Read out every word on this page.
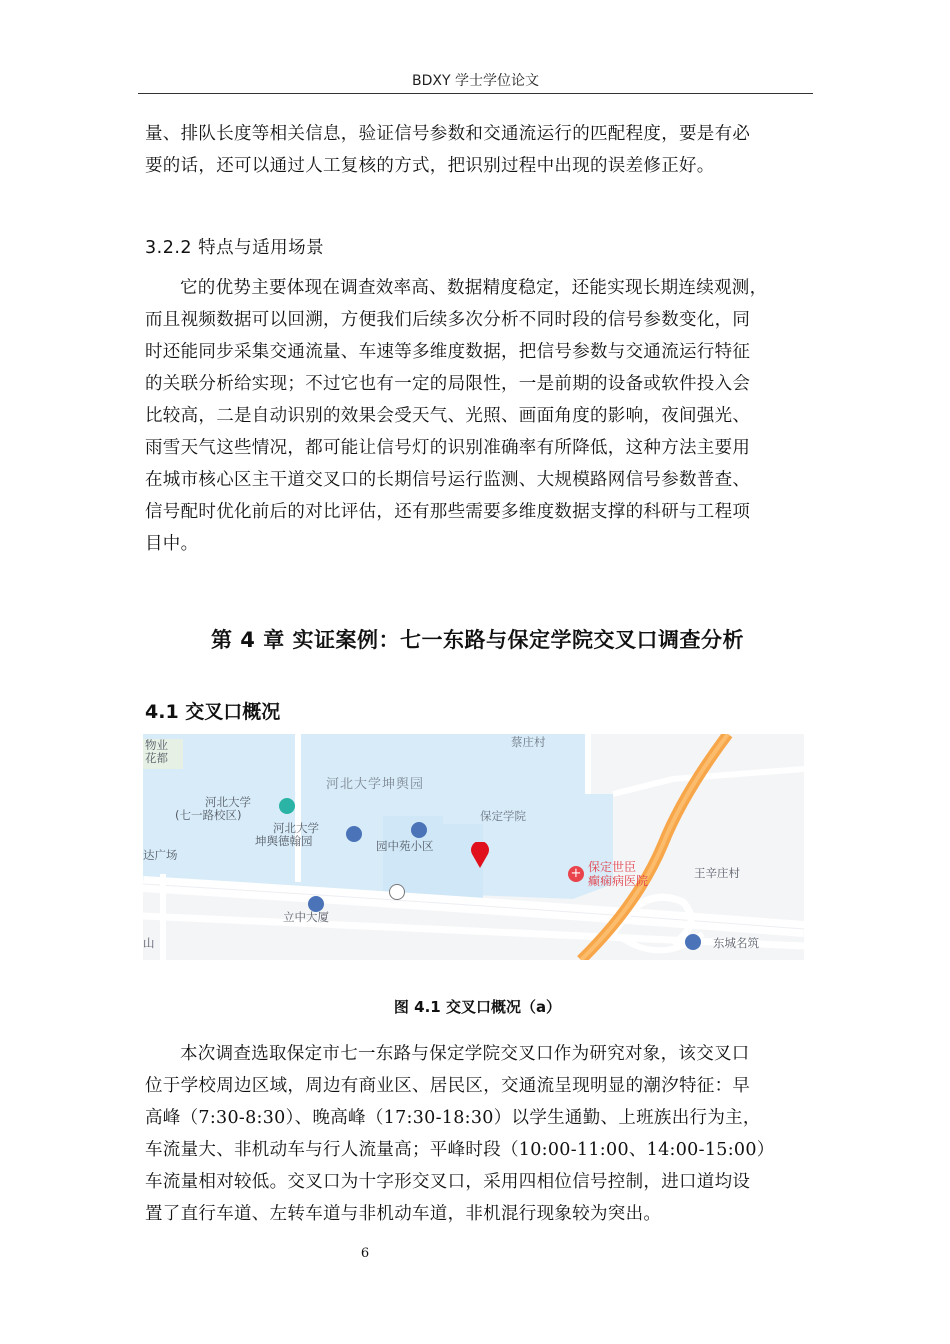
BDXY 学士学位论文
量、排队长度等相关信息，验证信号参数和交通流运行的匹配程度，要是有必
要的话，还可以通过人工复核的方式，把识别过程中出现的误差修正好。
3.2.2 特点与适用场景
它的优势主要体现在调查效率高、数据精度稳定，还能实现长期连续观测，
而且视频数据可以回溯，方便我们后续多次分析不同时段的信号参数变化，同
时还能同步采集交通流量、车速等多维度数据，把信号参数与交通流运行特征
的关联分析给实现；不过它也有一定的局限性，一是前期的设备或软件投入会
比较高，二是自动识别的效果会受天气、光照、画面角度的影响，夜间强光、
雨雪天气这些情况，都可能让信号灯的识别准确率有所降低，这种方法主要用
在城市核心区主干道交叉口的长期信号运行监测、大规模路网信号参数普查、
信号配时优化前后的对比评估，还有那些需要多维度数据支撑的科研与工程项
目中。
第 4 章 实证案例：七一东路与保定学院交叉口调查分析
4.1 交叉口概况
物业
花都
蔡庄村
河北大学坤舆园
河北大学
(七一路校区)
河北大学
坤舆德翰园	园中苑小区
保定学院
达广场
+ 保定世臣
癫痫病医院
王辛庄村
立中大厦
山	东城名筑
图 4.1 交叉口概况（a）
本次调查选取保定市七一东路与保定学院交叉口作为研究对象，该交叉口
位于学校周边区域，周边有商业区、居民区，交通流呈现明显的潮汐特征：早
高峰（7:30-8:30）、晚高峰（17:30-18:30）以学生通勤、上班族出行为主，
车流量大、非机动车与行人流量高；平峰时段（10:00-11:00、14:00-15:00）
车流量相对较低。交叉口为十字形交叉口，采用四相位信号控制，进口道均设
置了直行车道、左转车道与非机动车道，非机混行现象较为突出。
6
